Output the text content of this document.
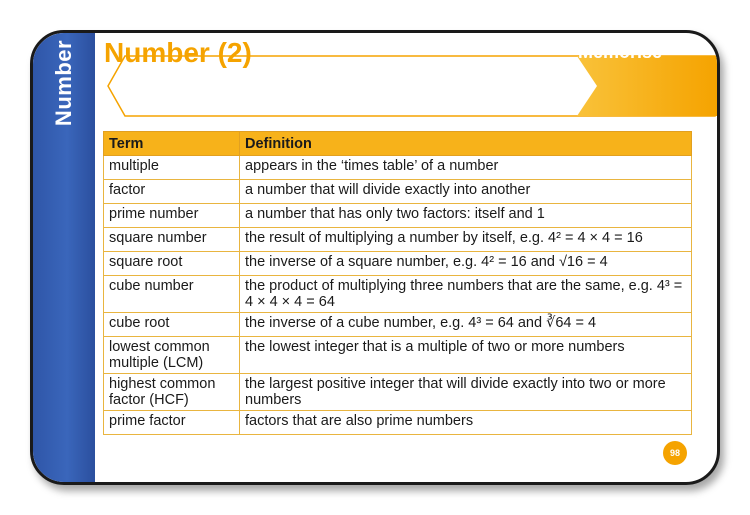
Number Number (2)	Memorise
Term	Definition
multiple	appears in the ‘times table’ of a number
factor	a number that will divide exactly into another
prime number	a number that has only two factors: itself and 1
square number	the result of multiplying a number by itself, e.g. 4² = 4 × 4 = 16
square root	the inverse of a square number, e.g. 4² = 16 and √16 = 4
cube number	the product of multiplying three numbers that are the same, e.g. 4³ = 4 × 4 × 4 = 64
cube root	the inverse of a cube number, e.g. 4³ = 64 and ∛64 = 4
lowest common multiple (LCM)	the lowest integer that is a multiple of two or more numbers
highest common factor (HCF)	the largest positive integer that will divide exactly into two or more numbers
prime factor	factors that are also prime numbers
98
